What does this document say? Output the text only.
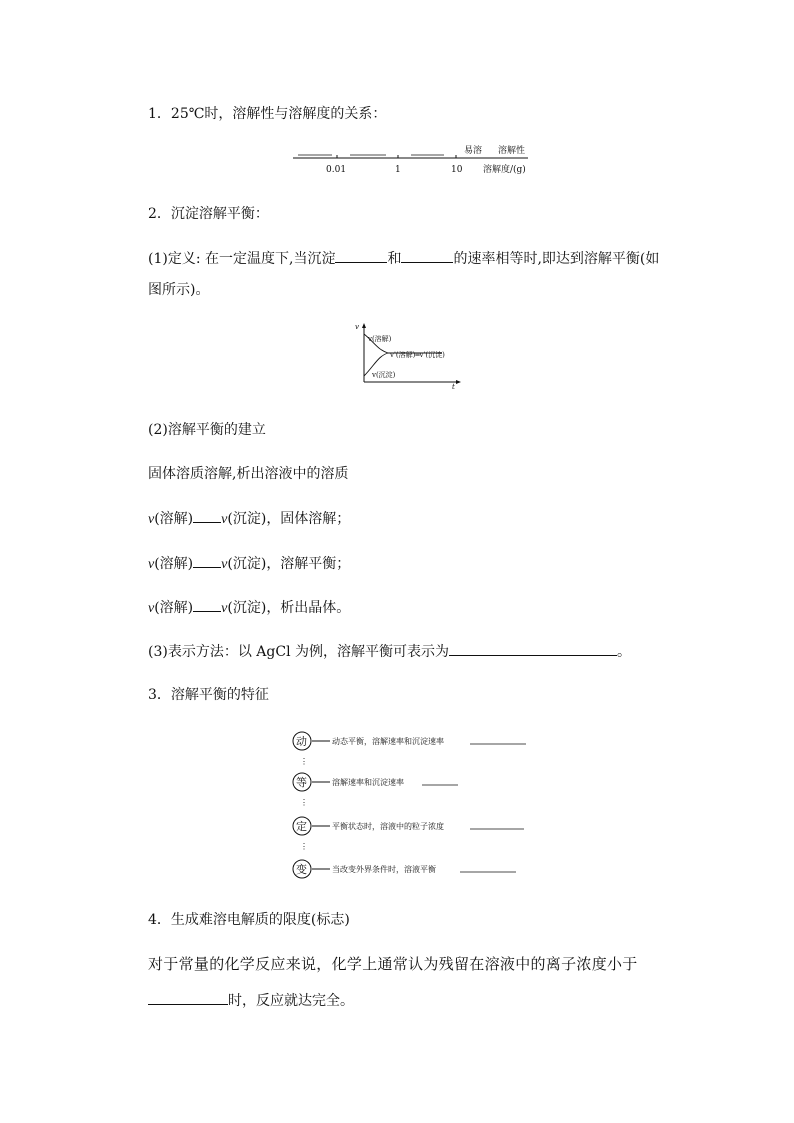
1．25℃时，溶解性与溶解度的关系：
0.01	1	10
易溶 溶解性
溶解度/(g)
2．沉淀溶解平衡：
(1)定义: 在一定温度下,当沉淀	和	的速率相等时,即达到溶解平衡(如
图所示)。
v
t
v(溶解)
v'(溶解)═v'(沉淀)
v(沉淀)
(2)溶解平衡的建立
固体溶质溶解,析出溶液中的溶质
v(溶解) v(沉淀)，固体溶解；
v(溶解) v(沉淀)，溶解平衡；
v(溶解) v(沉淀)，析出晶体。
(3)表示方法：以 AgCl 为例，溶解平衡可表示为	。
3．溶解平衡的特征
动	动态平衡，溶解速率和沉淀速率
⋮
等	溶解速率和沉淀速率
⋮
定	平衡状态时，溶液中的粒子浓度
⋮
变	当改变外界条件时，溶液平衡
4．生成难溶电解质的限度(标志)
对于常量的化学反应来说，化学上通常认为残留在溶液中的离子浓度小于
时，反应就达完全。
